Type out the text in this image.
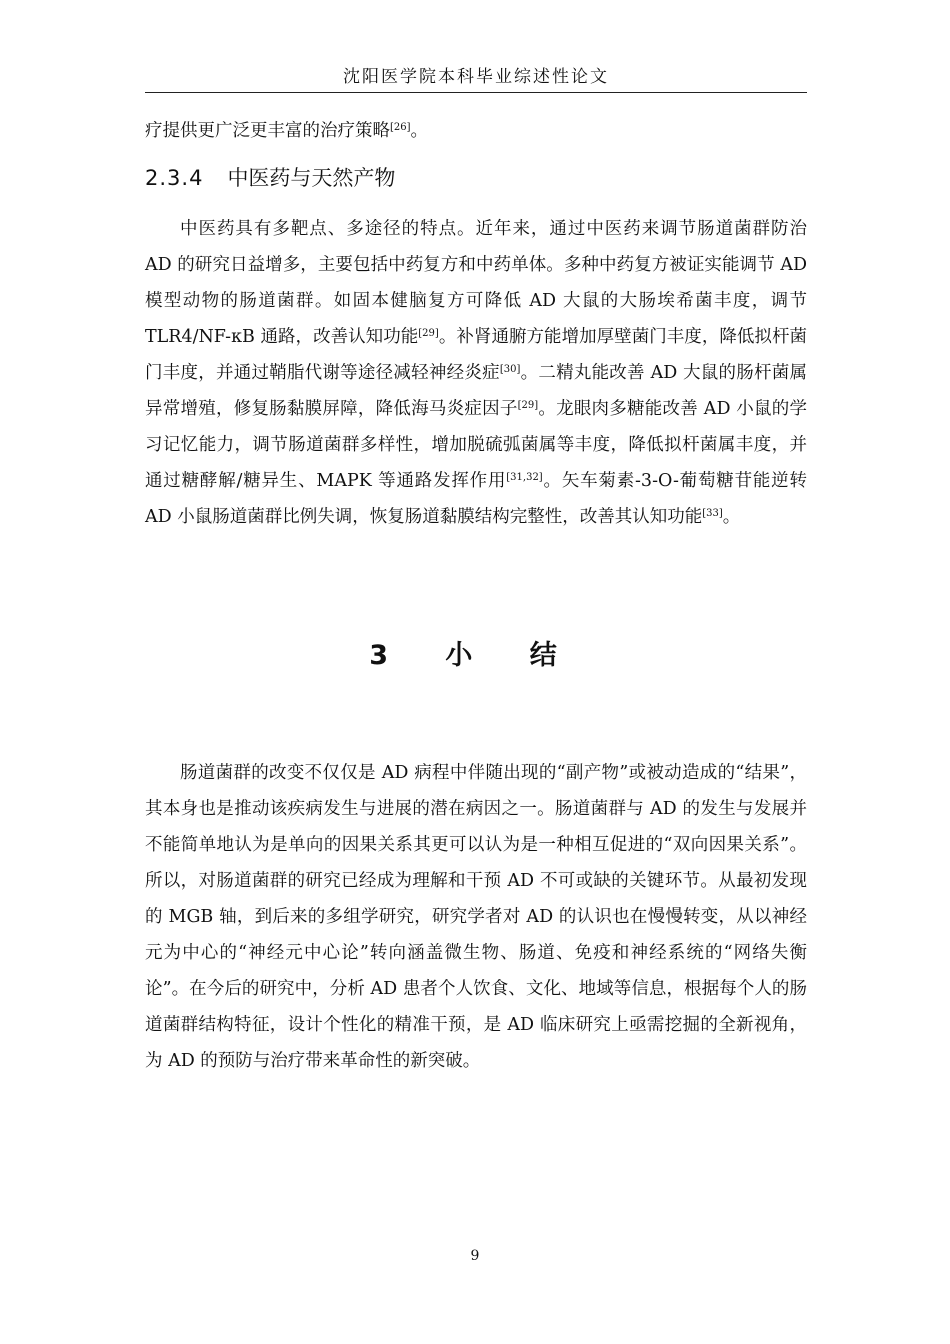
沈阳医学院本科毕业综述性论文
疗提供更广泛更丰富的治疗策略[26]。
2.3.4 中医药与天然产物

中医药具有多靶点、多途径的特点。近年来，通过中医药来调节肠道菌群防治 AD 的研究日益增多，主要包括中药复方和中药单体。多种中药复方被证实能调节 AD 模型动物的肠道菌群。如固本健脑复方可降低 AD 大鼠的大肠埃希菌丰度，调节 TLR4/NF-κB 通路，改善认知功能[29]。补肾通腑方能增加厚壁菌门丰度，降低拟杆菌门丰度，并通过鞘脂代谢等途径减轻神经炎症[30]。二精丸能改善 AD 大鼠的肠杆菌属异常增殖，修复肠黏膜屏障，降低海马炎症因子[29]。龙眼肉多糖能改善 AD 小鼠的学习记忆能力，调节肠道菌群多样性，增加脱硫弧菌属等丰度，降低拟杆菌属丰度，并通过糖酵解/糖异生、MAPK 等通路发挥作用[31,32]。矢车菊素-3-O-葡萄糖苷能逆转 AD 小鼠肠道菌群比例失调，恢复肠道黏膜结构完整性，改善其认知功能[33]。

3 小 结

肠道菌群的改变不仅仅是 AD 病程中伴随出现的“副产物”或被动造成的“结果”，其本身也是推动该疾病发生与进展的潜在病因之一。肠道菌群与 AD 的发生与发展并不能简单地认为是单向的因果关系其更可以认为是一种相互促进的“双向因果关系”。所以，对肠道菌群的研究已经成为理解和干预 AD 不可或缺的关键环节。从最初发现的 MGB 轴，到后来的多组学研究，研究学者对 AD 的认识也在慢慢转变，从以神经元为中心的“神经元中心论”转向涵盖微生物、肠道、免疫和神经系统的“网络失衡论”。在今后的研究中，分析 AD 患者个人饮食、文化、地域等信息，根据每个人的肠道菌群结构特征，设计个性化的精准干预，是 AD 临床研究上亟需挖掘的全新视角，为 AD 的预防与治疗带来革命性的新突破。

9
